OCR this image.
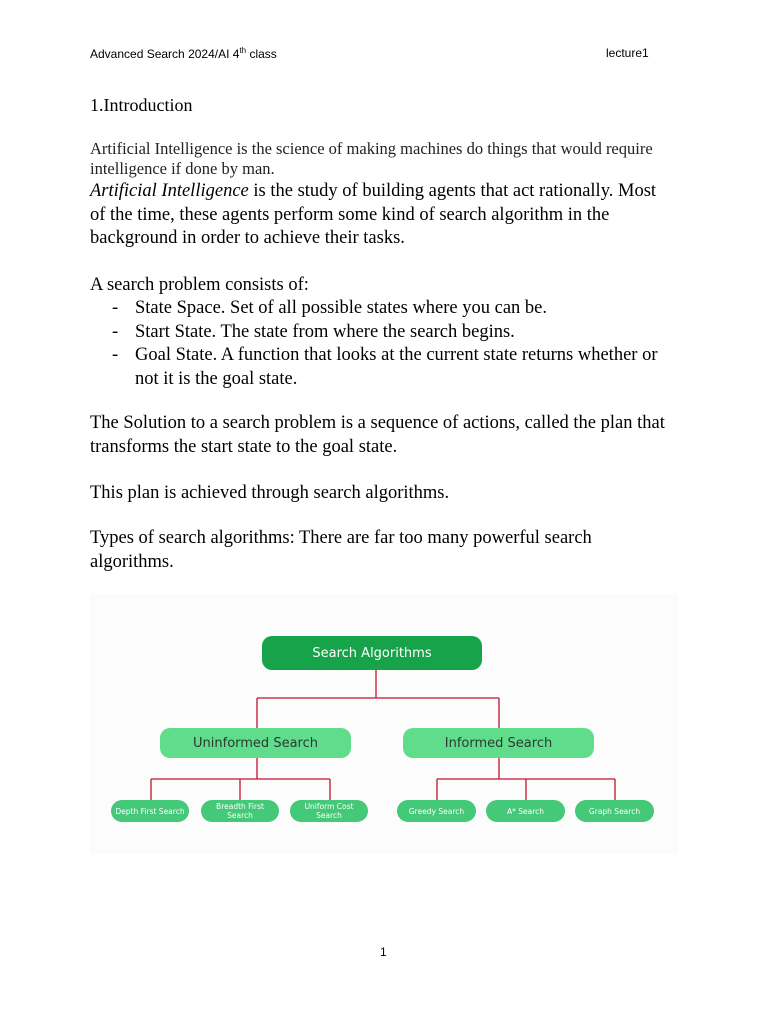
Advanced Search 2024/AI 4th class	lecture1
1.Introduction
Artificial Intelligence is the science of making machines do things that would require intelligence if done by man.
Artificial Intelligence is the study of building agents that act rationally. Most of the time, these agents perform some kind of search algorithm in the background in order to achieve their tasks.
A search problem consists of:
- State Space. Set of all possible states where you can be.
- Start State. The state from where the search begins.
- Goal State. A function that looks at the current state returns whether or not it is the goal state.
The Solution to a search problem is a sequence of actions, called the plan that transforms the start state to the goal state.
This plan is achieved through search algorithms.
Types of search algorithms: There are far too many powerful search algorithms.
Search Algorithms
Uninformed Search	Informed Search
Depth First Search	Breadth First Search
Uniform Cost Search	Greedy Search	A* Search	Graph Search
1
